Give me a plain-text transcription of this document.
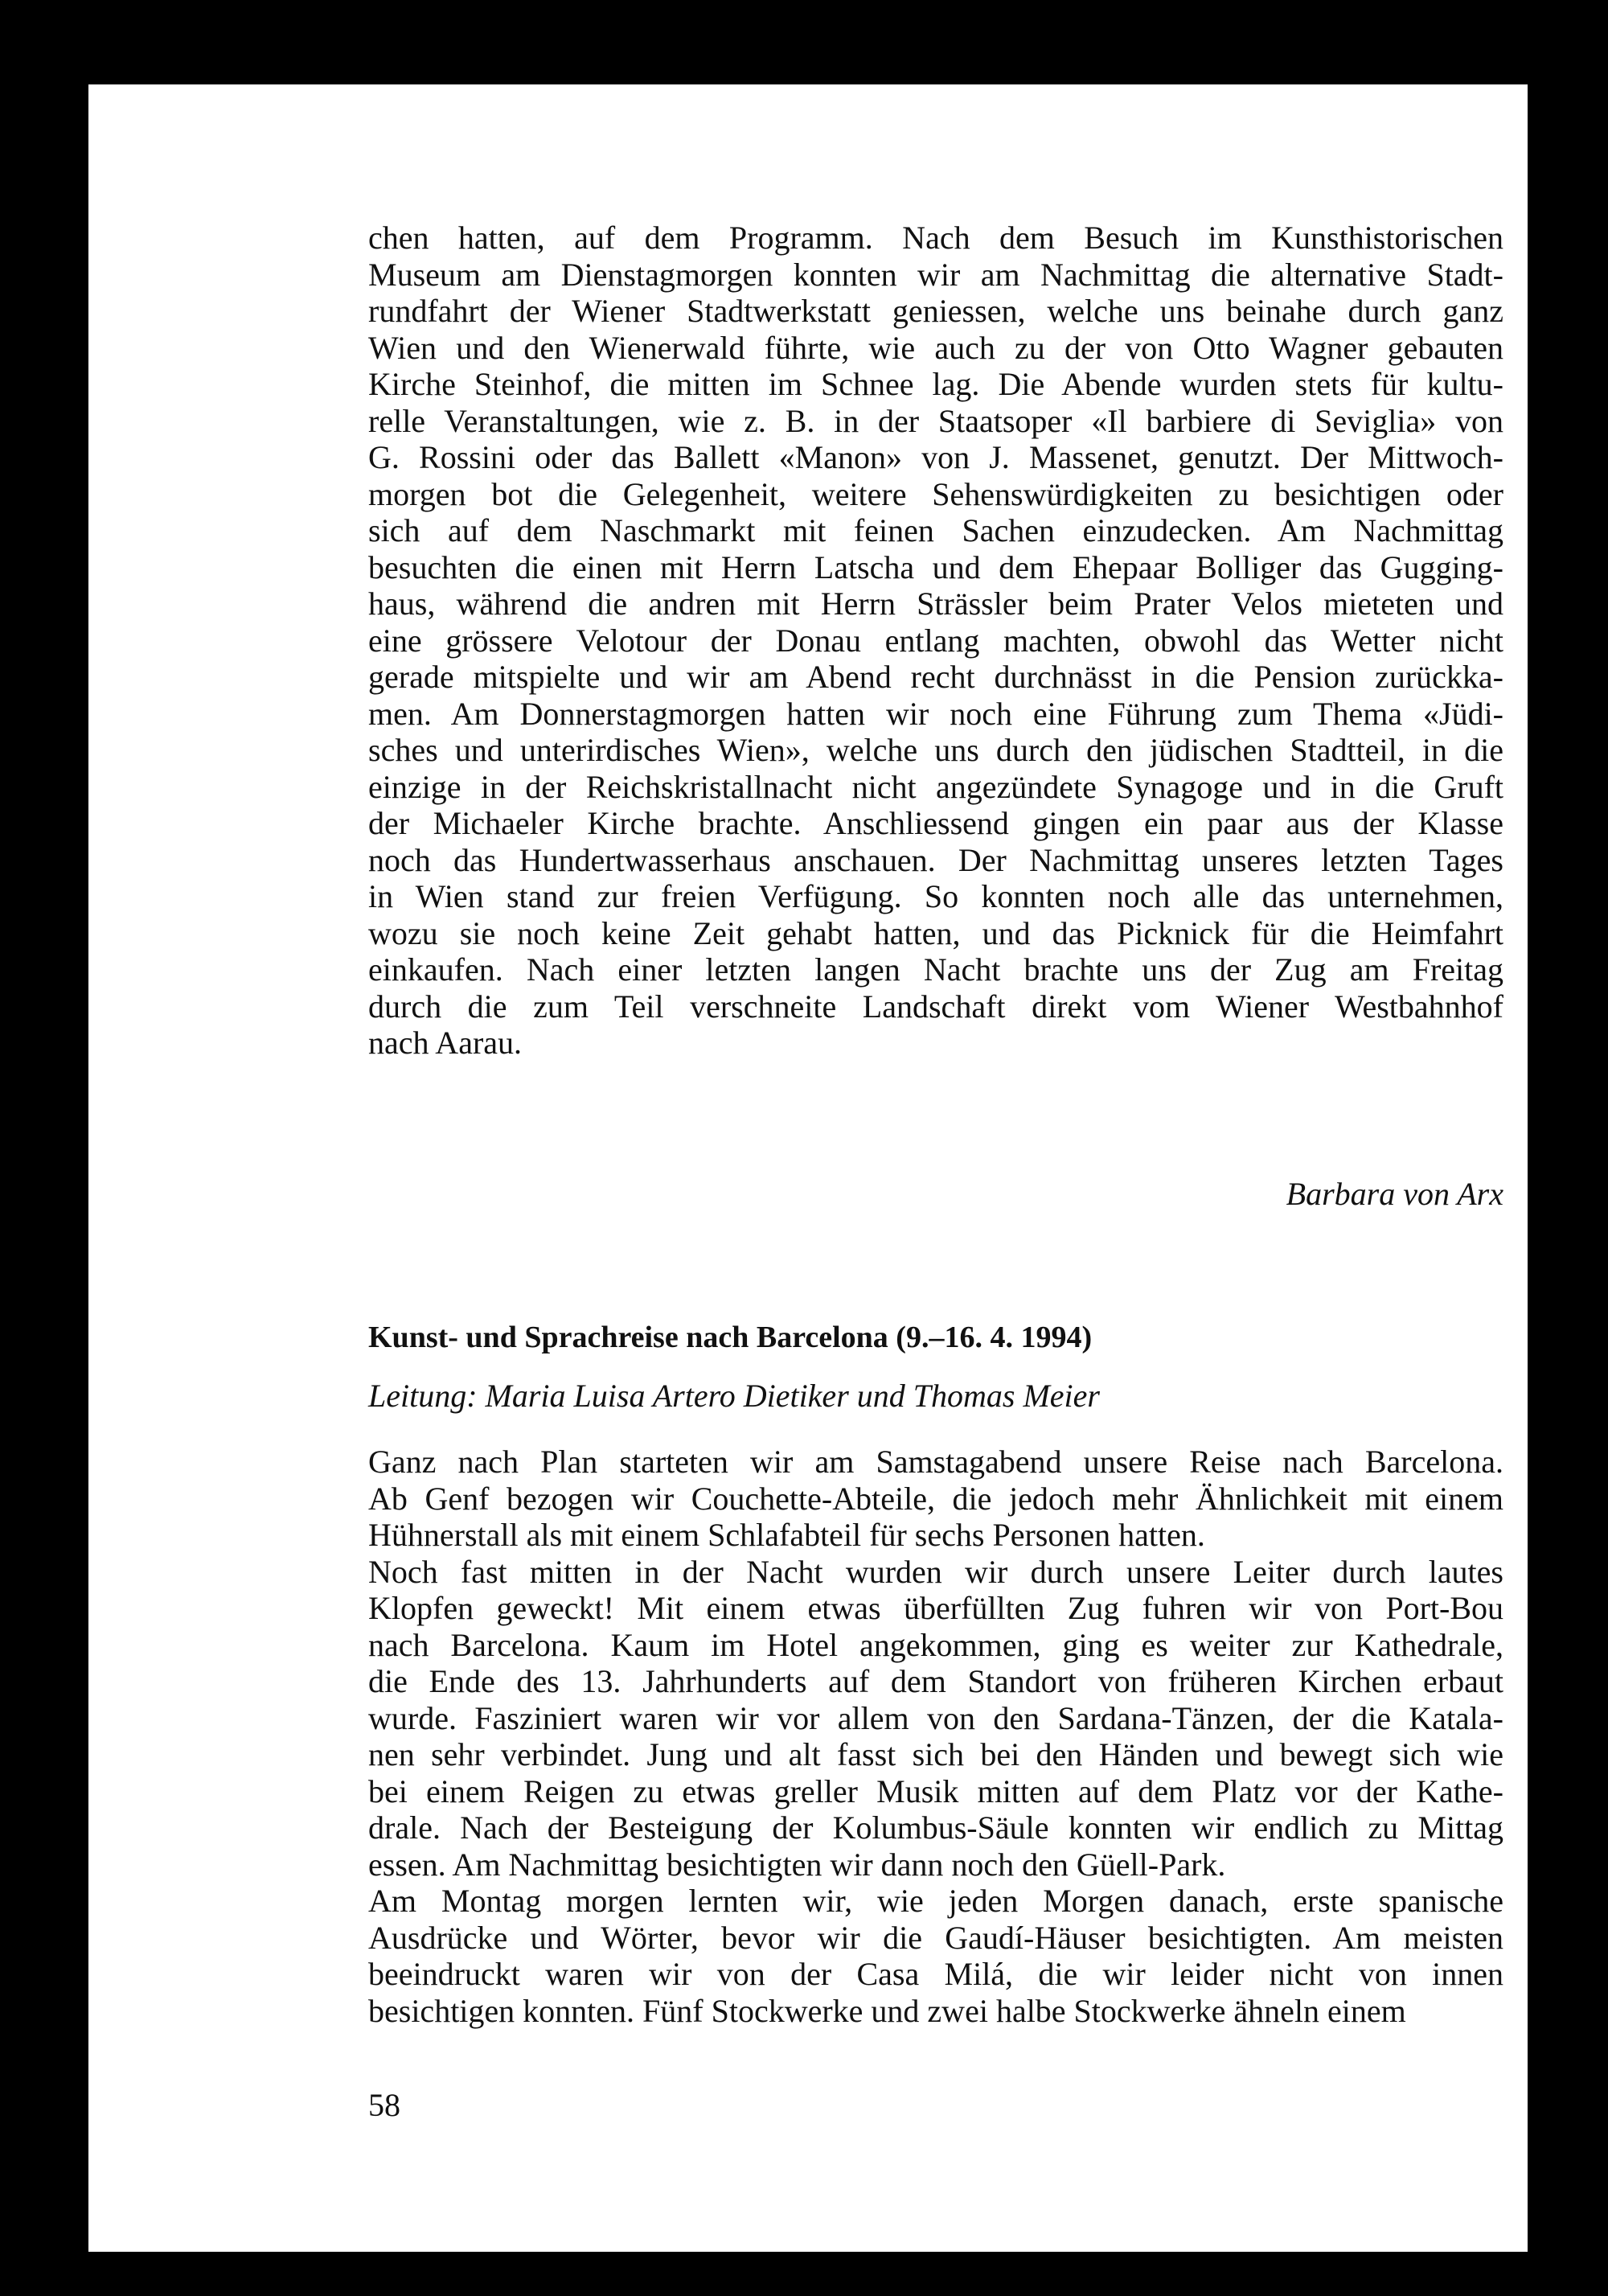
chen hatten, auf dem Programm. Nach dem Besuch im Kunsthistorischen
Museum am Dienstagmorgen konnten wir am Nachmittag die alternative Stadt-
rundfahrt der Wiener Stadtwerkstatt geniessen, welche uns beinahe durch ganz
Wien und den Wienerwald führte, wie auch zu der von Otto Wagner gebauten
Kirche Steinhof, die mitten im Schnee lag. Die Abende wurden stets für kultu-
relle Veranstaltungen, wie z. B. in der Staatsoper «Il barbiere di Seviglia» von
G. Rossini oder das Ballett «Manon» von J. Massenet, genutzt. Der Mittwoch-
morgen bot die Gelegenheit, weitere Sehenswürdigkeiten zu besichtigen oder
sich auf dem Naschmarkt mit feinen Sachen einzudecken. Am Nachmittag
besuchten die einen mit Herrn Latscha und dem Ehepaar Bolliger das Gugging-
haus, während die andren mit Herrn Strässler beim Prater Velos mieteten und
eine grössere Velotour der Donau entlang machten, obwohl das Wetter nicht
gerade mitspielte und wir am Abend recht durchnässt in die Pension zurückka-
men. Am Donnerstagmorgen hatten wir noch eine Führung zum Thema «Jüdi-
sches und unterirdisches Wien», welche uns durch den jüdischen Stadtteil, in die
einzige in der Reichskristallnacht nicht angezündete Synagoge und in die Gruft
der Michaeler Kirche brachte. Anschliessend gingen ein paar aus der Klasse
noch das Hundertwasserhaus anschauen. Der Nachmittag unseres letzten Tages
in Wien stand zur freien Verfügung. So konnten noch alle das unternehmen,
wozu sie noch keine Zeit gehabt hatten, und das Picknick für die Heimfahrt
einkaufen. Nach einer letzten langen Nacht brachte uns der Zug am Freitag
durch die zum Teil verschneite Landschaft direkt vom Wiener Westbahnhof
nach Aarau.
Barbara von Arx
Kunst- und Sprachreise nach Barcelona (9.–16. 4. 1994)
Leitung: Maria Luisa Artero Dietiker und Thomas Meier
Ganz nach Plan starteten wir am Samstagabend unsere Reise nach Barcelona.
Ab Genf bezogen wir Couchette-Abteile, die jedoch mehr Ähnlichkeit mit einem
Hühnerstall als mit einem Schlafabteil für sechs Personen hatten.
Noch fast mitten in der Nacht wurden wir durch unsere Leiter durch lautes
Klopfen geweckt! Mit einem etwas überfüllten Zug fuhren wir von Port-Bou
nach Barcelona. Kaum im Hotel angekommen, ging es weiter zur Kathedrale,
die Ende des 13. Jahrhunderts auf dem Standort von früheren Kirchen erbaut
wurde. Fasziniert waren wir vor allem von den Sardana-Tänzen, der die Katala-
nen sehr verbindet. Jung und alt fasst sich bei den Händen und bewegt sich wie
bei einem Reigen zu etwas greller Musik mitten auf dem Platz vor der Kathe-
drale. Nach der Besteigung der Kolumbus-Säule konnten wir endlich zu Mittag
essen. Am Nachmittag besichtigten wir dann noch den Güell-Park.
Am Montag morgen lernten wir, wie jeden Morgen danach, erste spanische
Ausdrücke und Wörter, bevor wir die Gaudí-Häuser besichtigten. Am meisten
beeindruckt waren wir von der Casa Milá, die wir leider nicht von innen
besichtigen konnten. Fünf Stockwerke und zwei halbe Stockwerke ähneln einem
58
